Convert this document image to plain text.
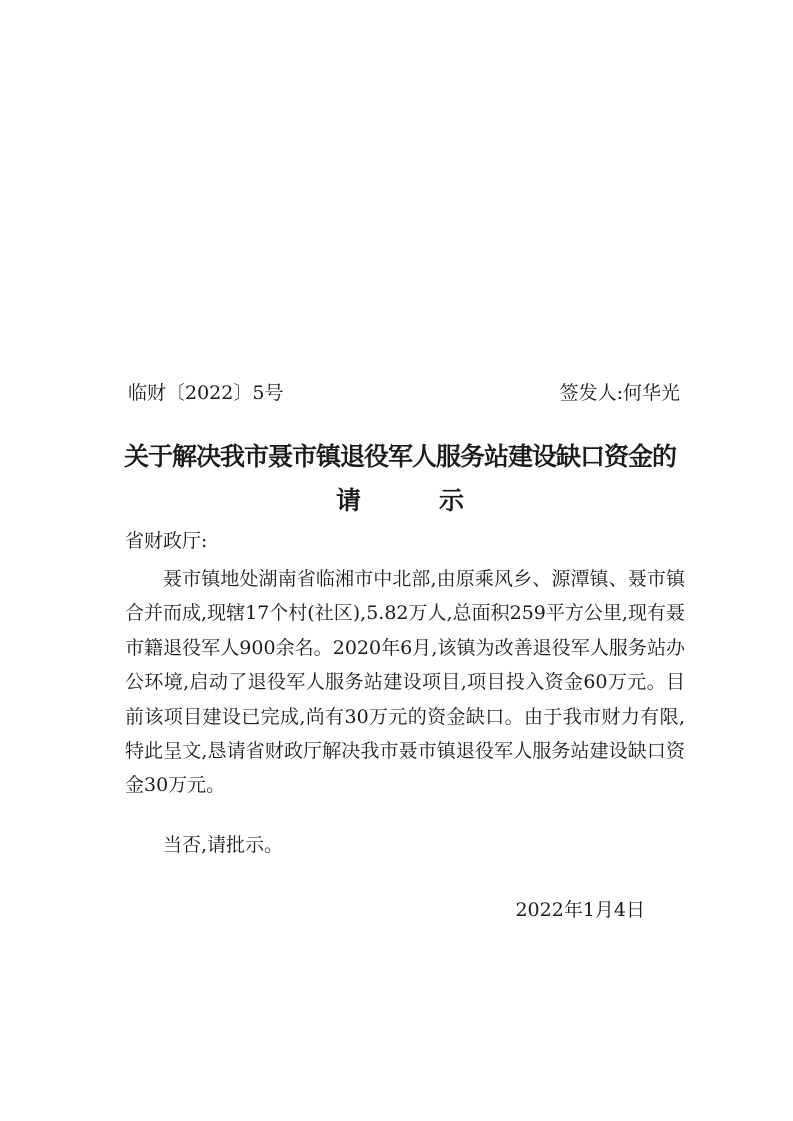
临财〔2022〕5号	签发人:何华光
关于解决我市聂市镇退役军人服务站建设缺口资金的
请示
省财政厅:

聂市镇地处湖南省临湘市中北部,由原乘风乡、源潭镇、聂市镇合并而成,现辖17个村(社区),5.82万人,总面积259平方公里,现有聂市籍退役军人900余名。2020年6月,该镇为改善退役军人服务站办公环境,启动了退役军人服务站建设项目,项目投入资金60万元。目前该项目建设已完成,尚有30万元的资金缺口。由于我市财力有限,特此呈文,恳请省财政厅解决我市聂市镇退役军人服务站建设缺口资金30万元。

当否,请批示。
2022年1月4日
